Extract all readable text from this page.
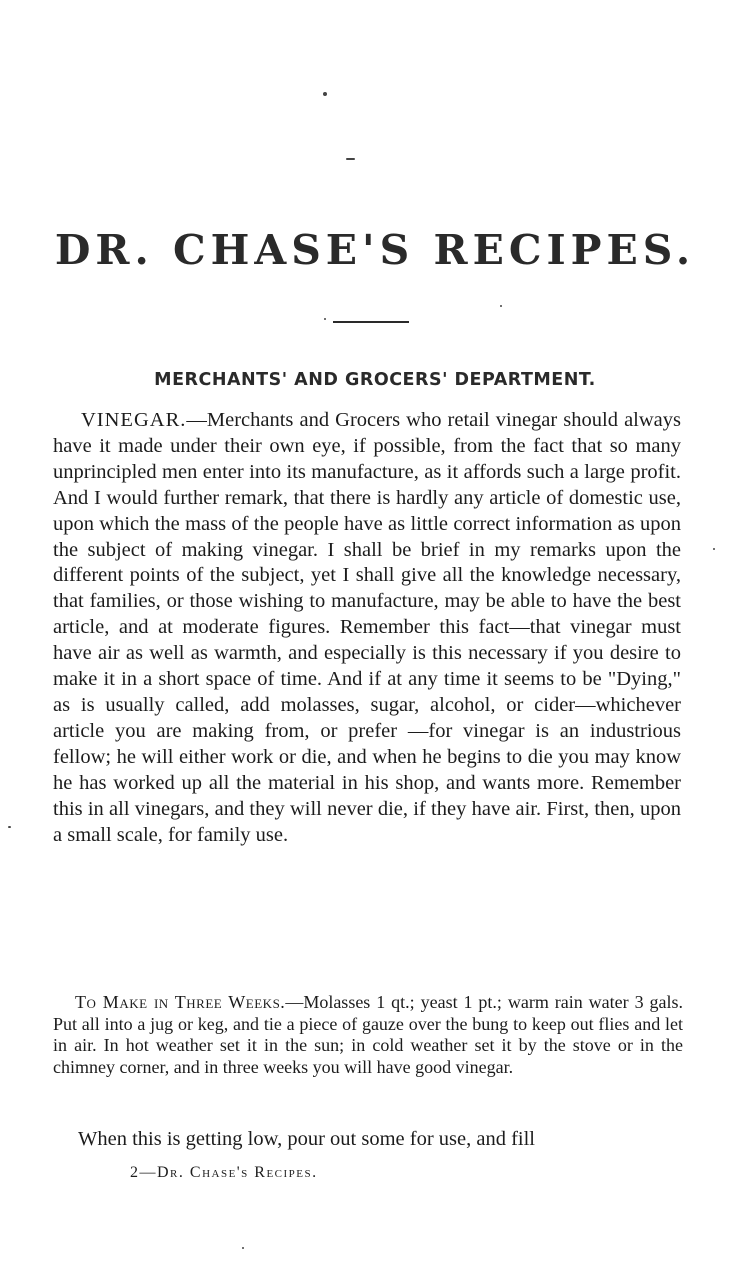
DR. CHASE'S RECIPES.
MERCHANTS' AND GROCERS' DEPARTMENT.

VINEGAR.—Merchants and Grocers who retail vinegar should always have it made under their own eye, if possible, from the fact that so many unprincipled men enter into its manufacture, as it affords such a large profit. And I would further remark, that there is hardly any article of domestic use, upon which the mass of the people have as little correct information as upon the subject of making vinegar. I shall be brief in my remarks upon the different points of the subject, yet I shall give all the knowledge necessary, that families, or those wishing to manufacture, may be able to have the best article, and at moderate figures. Remember this fact—that vinegar must have air as well as warmth, and especially is this necessary if you desire to make it in a short space of time. And if at any time it seems to be "Dying," as is usually called, add molasses, sugar, alcohol, or cider—whichever article you are making from, or prefer —for vinegar is an industrious fellow; he will either work or die, and when he begins to die you may know he has worked up all the material in his shop, and wants more. Remember this in all vinegars, and they will never die, if they have air. First, then, upon a small scale, for family use.

To Make in Three Weeks.—Molasses 1 qt.; yeast 1 pt.; warm rain water 3 gals. Put all into a jug or keg, and tie a piece of gauze over the bung to keep out flies and let in air. In hot weather set it in the sun; in cold weather set it by the stove or in the chimney corner, and in three weeks you will have good vinegar.

When this is getting low, pour out some for use, and fill

2—Dr. Chase's Recipes.
